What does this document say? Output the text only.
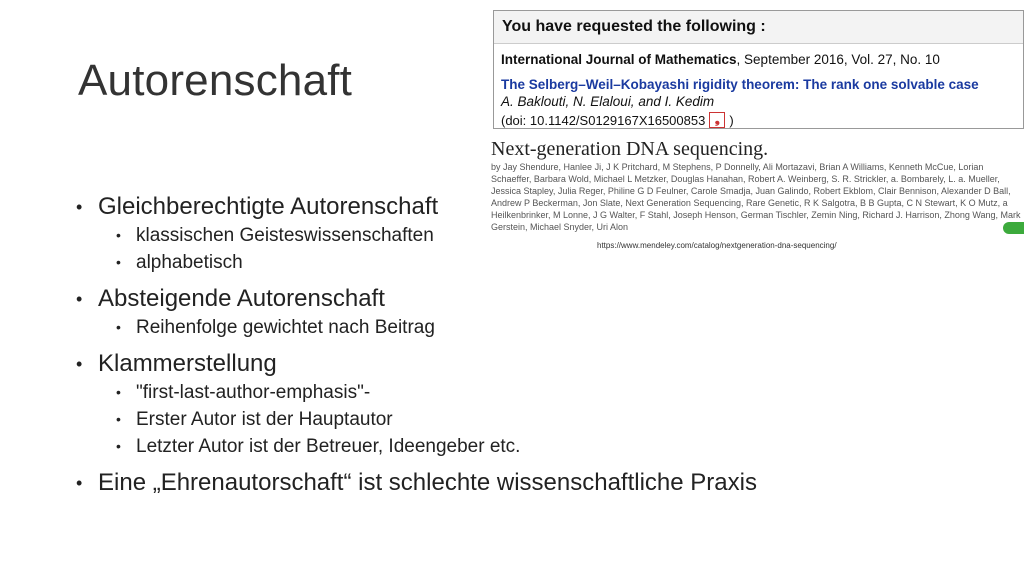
Autorenschaft
• Gleichberechtigte Autorenschaft
• klassischen Geisteswissenschaften
• alphabetisch
• Absteigende Autorenschaft
• Reihenfolge gewichtet nach Beitrag
• Klammerstellung
• "first-last-author-emphasis"-
• Erster Autor ist der Hauptautor
• Letzter Autor ist der Betreuer, Ideengeber etc.
• Eine „Ehrenautorschaft“ ist schlechte wissenschaftliche Praxis
You have requested the following :
International Journal of Mathematics, September 2016, Vol. 27, No. 10
The Selberg–Weil–Kobayashi rigidity theorem: The rank one solvable case
A. Baklouti, N. Elaloui, and I. Kedim
(doi: 10.1142/S0129167X16500853 ❟ )
Next-generation DNA sequencing.
by Jay Shendure, Hanlee Ji, J K Pritchard, M Stephens, P Donnelly, Ali Mortazavi, Brian A Williams, Kenneth McCue, Lorian Schaeffer, Barbara Wold, Michael L Metzker, Douglas Hanahan, Robert A. Weinberg, S. R. Strickler, a. Bombarely, L. a. Mueller, Jessica Stapley, Julia Reger, Philine G D Feulner, Carole Smadja, Juan Galindo, Robert Ekblom, Clair Bennison, Alexander D Ball, Andrew P Beckerman, Jon Slate, Next Generation Sequencing, Rare Genetic, R K Salgotra, B B Gupta, C N Stewart, K O Mutz, a Heilkenbrinker, M Lonne, J G Walter, F Stahl, Joseph Henson, German Tischler, Zemin Ning, Richard J. Harrison, Zhong Wang, Mark Gerstein, Michael Snyder, Uri Alon
https://www.mendeley.com/catalog/nextgeneration-dna-sequencing/
